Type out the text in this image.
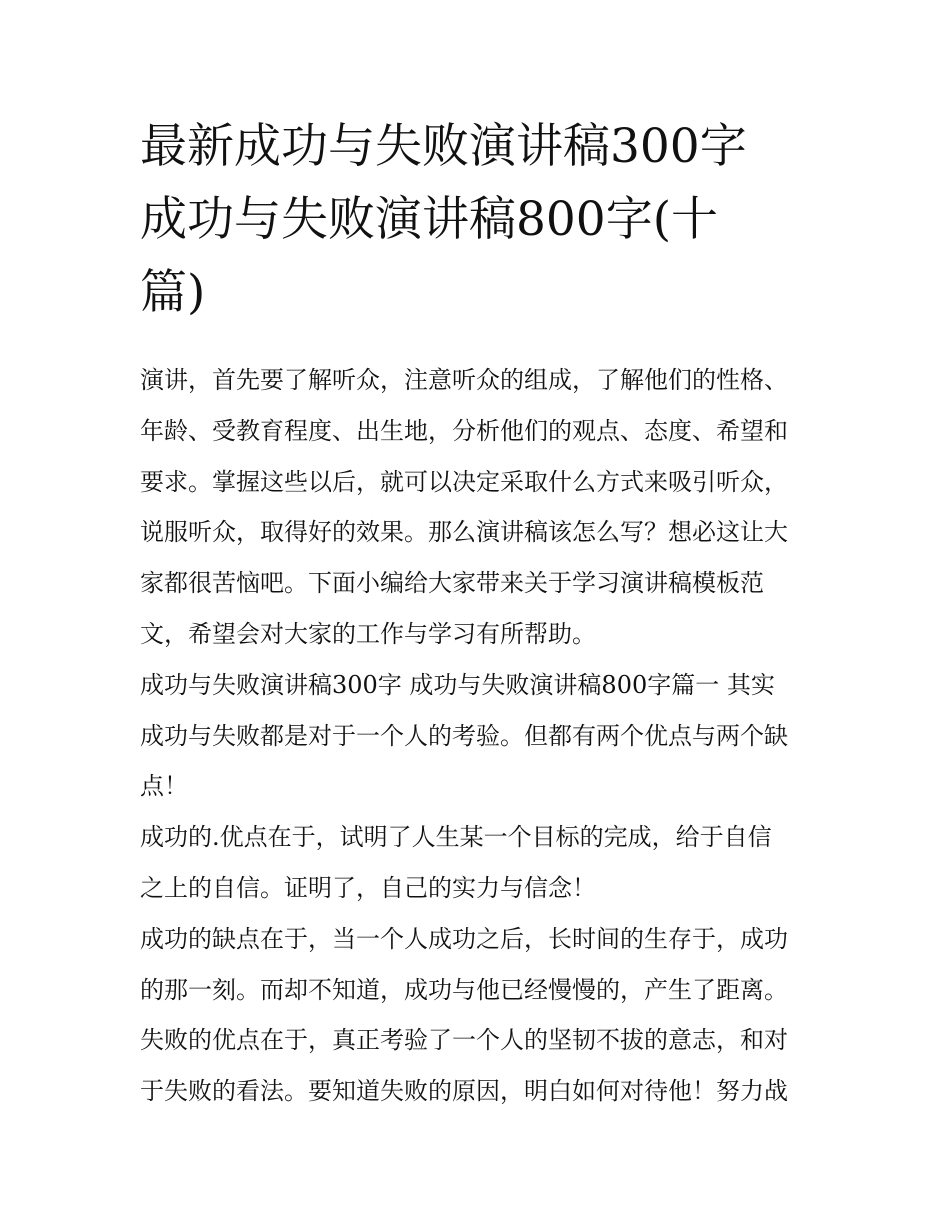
最新成功与失败演讲稿300字
成功与失败演讲稿800字(十
篇)
演讲，首先要了解听众，注意听众的组成，了解他们的性格、
年龄、受教育程度、出生地，分析他们的观点、态度、希望和
要求。掌握这些以后，就可以决定采取什么方式来吸引听众，
说服听众，取得好的效果。那么演讲稿该怎么写？想必这让大
家都很苦恼吧。下面小编给大家带来关于学习演讲稿模板范
文，希望会对大家的工作与学习有所帮助。
成功与失败演讲稿300字 成功与失败演讲稿800字篇一 其实
成功与失败都是对于一个人的考验。但都有两个优点与两个缺
点！
成功的.优点在于，试明了人生某一个目标的完成，给于自信
之上的自信。证明了，自己的实力与信念！
成功的缺点在于，当一个人成功之后，长时间的生存于，成功
的那一刻。而却不知道，成功与他已经慢慢的，产生了距离。
失败的优点在于，真正考验了一个人的坚韧不拔的意志，和对
于失败的看法。要知道失败的原因，明白如何对待他！努力战
